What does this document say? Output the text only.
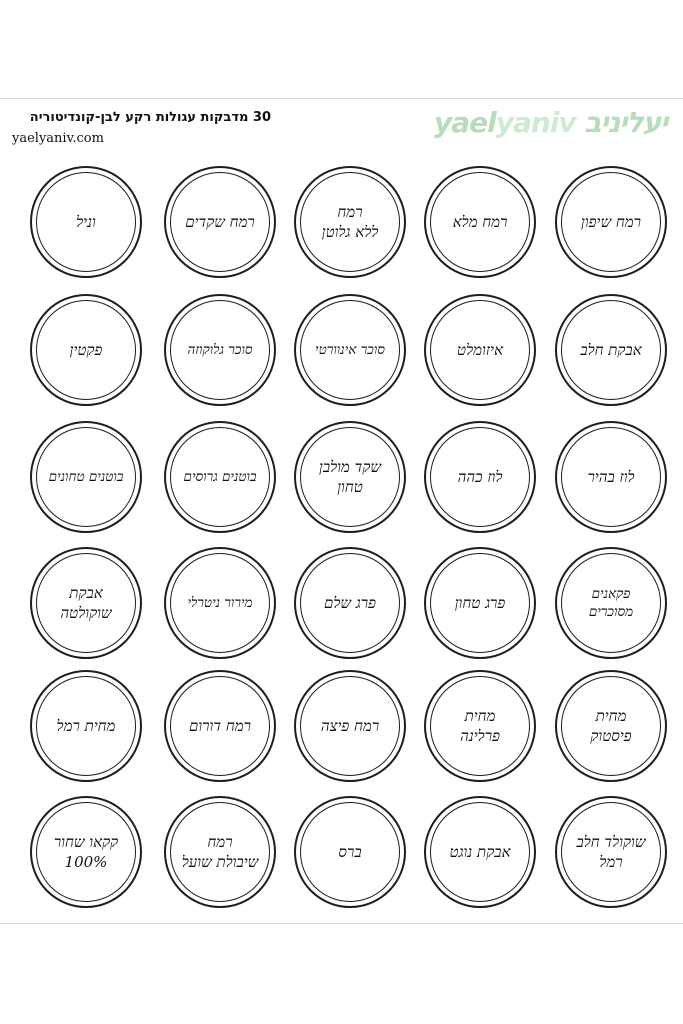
yaelyaniv יעליניב
30 מדבקות עגולות רקע לבן-קונדיטוריה
yaelyaniv.com
רמח שיפון
רמח מלא
רמח
ללא גלוטן
רמח שקדים
וניל
אבקת חלב
איזומלט
סוכר אינוורטי
סוכר גלוקוזה
פקטין
לוז בהיר
לוז כהה
שקד מולבן
טחון
בוטנים גרוסים
בוטנים טחונים
פקאנים מסוכרים
פרג טחון
פרג שלם
מירור ניטרלי
אבקת
שוקולטה
מחית
פיסטוק
מחית
פרלינה
רמח פיצה
רמח דורום
מחית רמל
שוקולד חלב
רמל
אבקת נוגט
ברס
רמח
שיבולת שועל
קקאו שחור
100%
